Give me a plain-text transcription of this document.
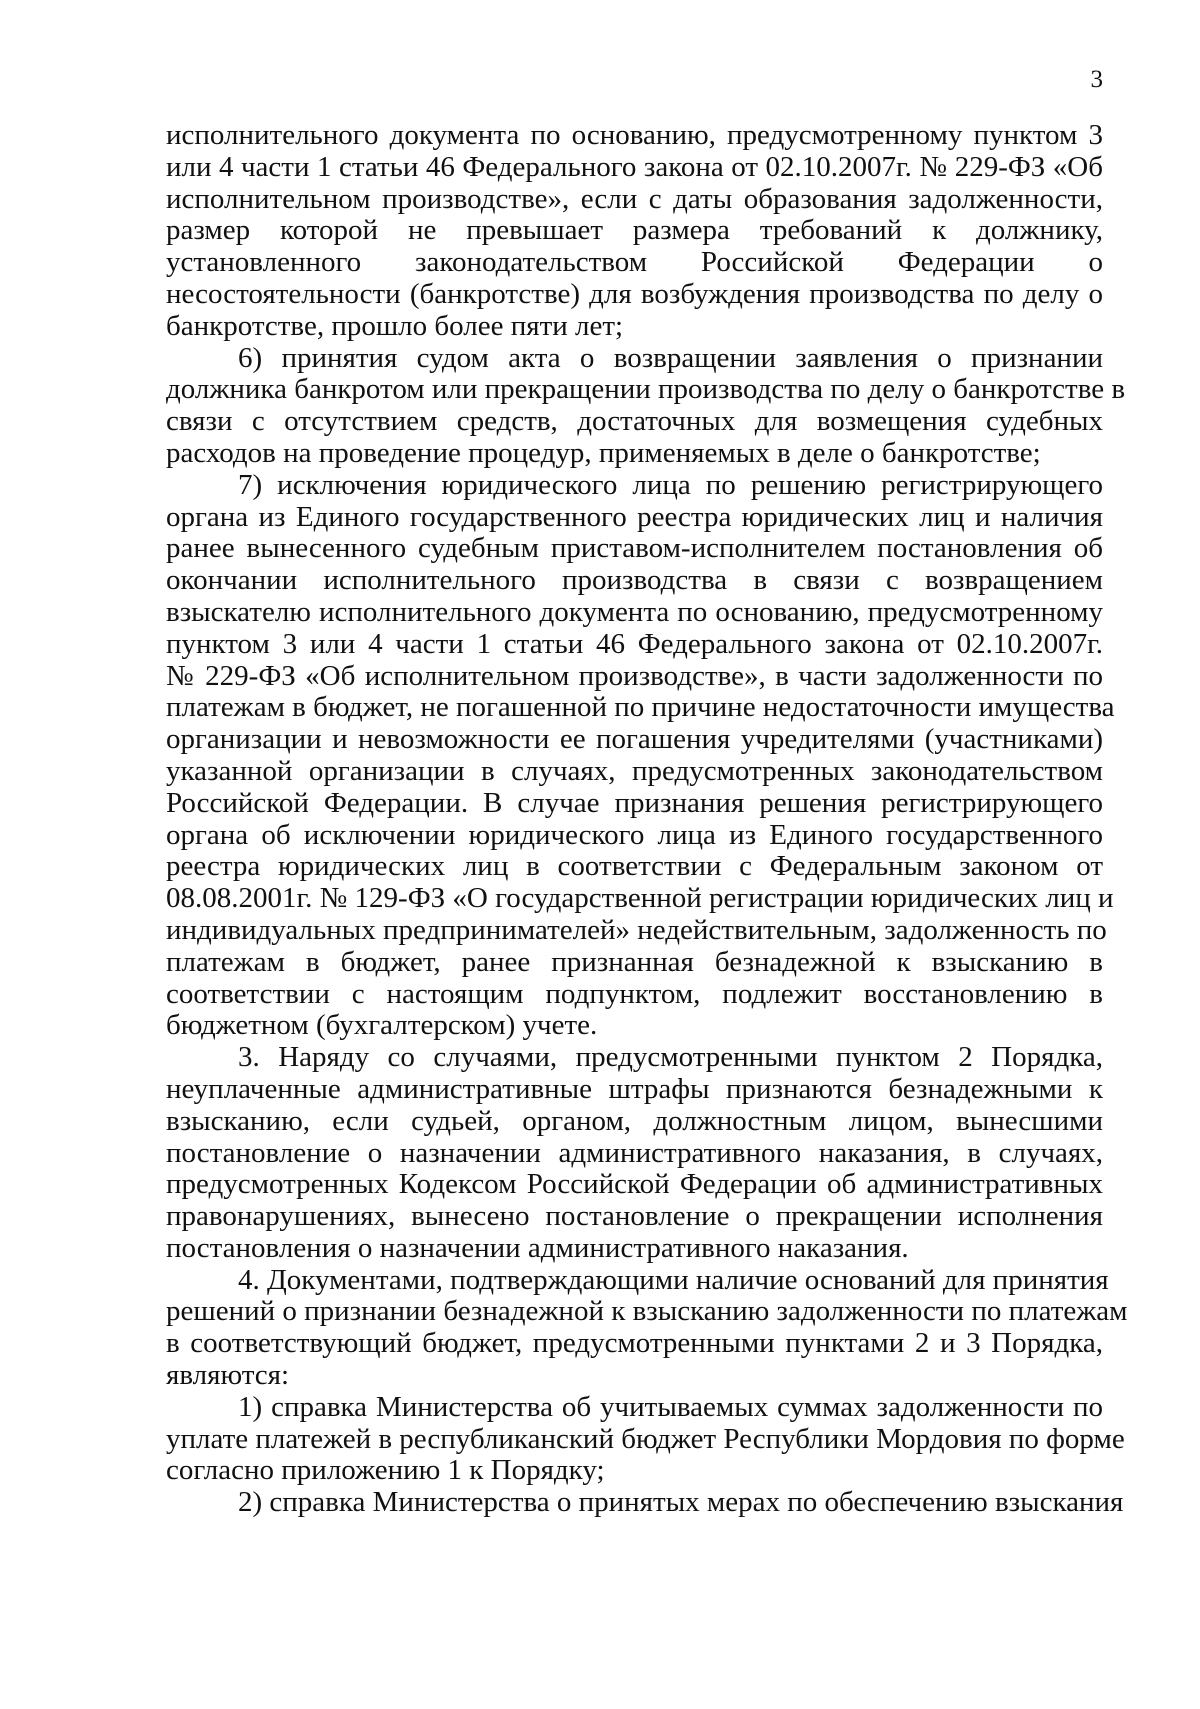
3
исполнительного документа по основанию, предусмотренному пунктом 3
или 4 части 1 статьи 46 Федерального закона от 02.10.2007г. № 229-ФЗ «Об
исполнительном производстве», если с даты образования задолженности,
размер которой не превышает размера требований к должнику,
установленного законодательством Российской Федерации о
несостоятельности (банкротстве) для возбуждения производства по делу о
банкротстве, прошло более пяти лет;
6) принятия судом акта о возвращении заявления о признании
должника банкротом или прекращении производства по делу о банкротстве в
связи с отсутствием средств, достаточных для возмещения судебных
расходов на проведение процедур, применяемых в деле о банкротстве;
7) исключения юридического лица по решению регистрирующего
органа из Единого государственного реестра юридических лиц и наличия
ранее вынесенного судебным приставом-исполнителем постановления об
окончании исполнительного производства в связи с возвращением
взыскателю исполнительного документа по основанию, предусмотренному
пунктом 3 или 4 части 1 статьи 46 Федерального закона от 02.10.2007г.
№ 229-ФЗ «Об исполнительном производстве», в части задолженности по
платежам в бюджет, не погашенной по причине недостаточности имущества
организации и невозможности ее погашения учредителями (участниками)
указанной организации в случаях, предусмотренных законодательством
Российской Федерации. В случае признания решения регистрирующего
органа об исключении юридического лица из Единого государственного
реестра юридических лиц в соответствии с Федеральным законом от
08.08.2001г. № 129-ФЗ «О государственной регистрации юридических лиц и
индивидуальных предпринимателей» недействительным, задолженность по
платежам в бюджет, ранее признанная безнадежной к взысканию в
соответствии с настоящим подпунктом, подлежит восстановлению в
бюджетном (бухгалтерском) учете.
3. Наряду со случаями, предусмотренными пунктом 2 Порядка,
неуплаченные административные штрафы признаются безнадежными к
взысканию, если судьей, органом, должностным лицом, вынесшими
постановление о назначении административного наказания, в случаях,
предусмотренных Кодексом Российской Федерации об административных
правонарушениях, вынесено постановление о прекращении исполнения
постановления о назначении административного наказания.
4. Документами, подтверждающими наличие оснований для принятия
решений о признании безнадежной к взысканию задолженности по платежам
в соответствующий бюджет, предусмотренными пунктами 2 и 3 Порядка,
являются:
1) справка Министерства об учитываемых суммах задолженности по
уплате платежей в республиканский бюджет Республики Мордовия по форме
согласно приложению 1 к Порядку;
2) справка Министерства о принятых мерах по обеспечению взыскания
